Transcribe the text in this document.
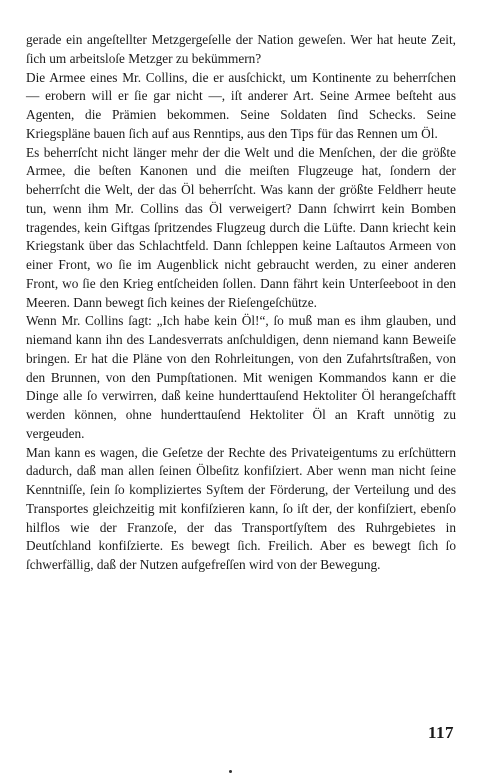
gerade ein angeſtellter Metzgergeſelle der Nation geweſen. Wer hat heute Zeit, ſich um arbeitsloſe Metzger zu bekümmern?

Die Armee eines Mr. Collins, die er ausſchickt, um Kontinente zu beherrſchen — erobern will er ſie gar nicht —, iſt anderer Art. Seine Armee beſteht aus Agenten, die Prämien bekommen. Seine Soldaten ſind Schecks. Seine Kriegspläne bauen ſich auf aus Renntips, aus den Tips für das Rennen um Öl.

Es beherrſcht nicht länger mehr der die Welt und die Menſchen, der die größte Armee, die beſten Kanonen und die meiſten Flugzeuge hat, ſondern der beherrſcht die Welt, der das Öl beherrſcht. Was kann der größte Feldherr heute tun, wenn ihm Mr. Collins das Öl verweigert? Dann ſchwirrt kein Bomben tragendes, kein Giftgas ſpritzendes Flugzeug durch die Lüfte. Dann kriecht kein Kriegstank über das Schlachtfeld. Dann ſchleppen keine Laſtautos Armeen von einer Front, wo ſie im Augenblick nicht gebraucht werden, zu einer anderen Front, wo ſie den Krieg entſcheiden ſollen. Dann fährt kein Unterſeeboot in den Meeren. Dann bewegt ſich keines der Rieſengeſchütze.

Wenn Mr. Collins ſagt: „Ich habe kein Öl!“, ſo muß man es ihm glauben, und niemand kann ihn des Landesverrats anſchuldigen, denn niemand kann Beweiſe bringen. Er hat die Pläne von den Rohrleitungen, von den Zufahrtsſtraßen, von den Brunnen, von den Pumpſtationen. Mit wenigen Kommandos kann er die Dinge alle ſo verwirren, daß keine hunderttauſend Hektoliter Öl herangeſchafft werden können, ohne hunderttauſend Hektoliter Öl an Kraft unnötig zu vergeuden.

Man kann es wagen, die Geſetze der Rechte des Privateigentums zu erſchüttern dadurch, daß man allen ſeinen Ölbeſitz konfiſziert. Aber wenn man nicht ſeine Kenntniſſe, ſein ſo kompliziertes Syſtem der Förderung, der Verteilung und des Transportes gleichzeitig mit konfiſzieren kann, ſo iſt der, der konfiſziert, ebenſo hilflos wie der Franzoſe, der das Transportſyſtem des Ruhrgebietes in Deutſchland konfiſzierte. Es bewegt ſich. Freilich. Aber es bewegt ſich ſo ſchwerfällig, daß der Nutzen aufgefreſſen wird von der Bewegung.

117
